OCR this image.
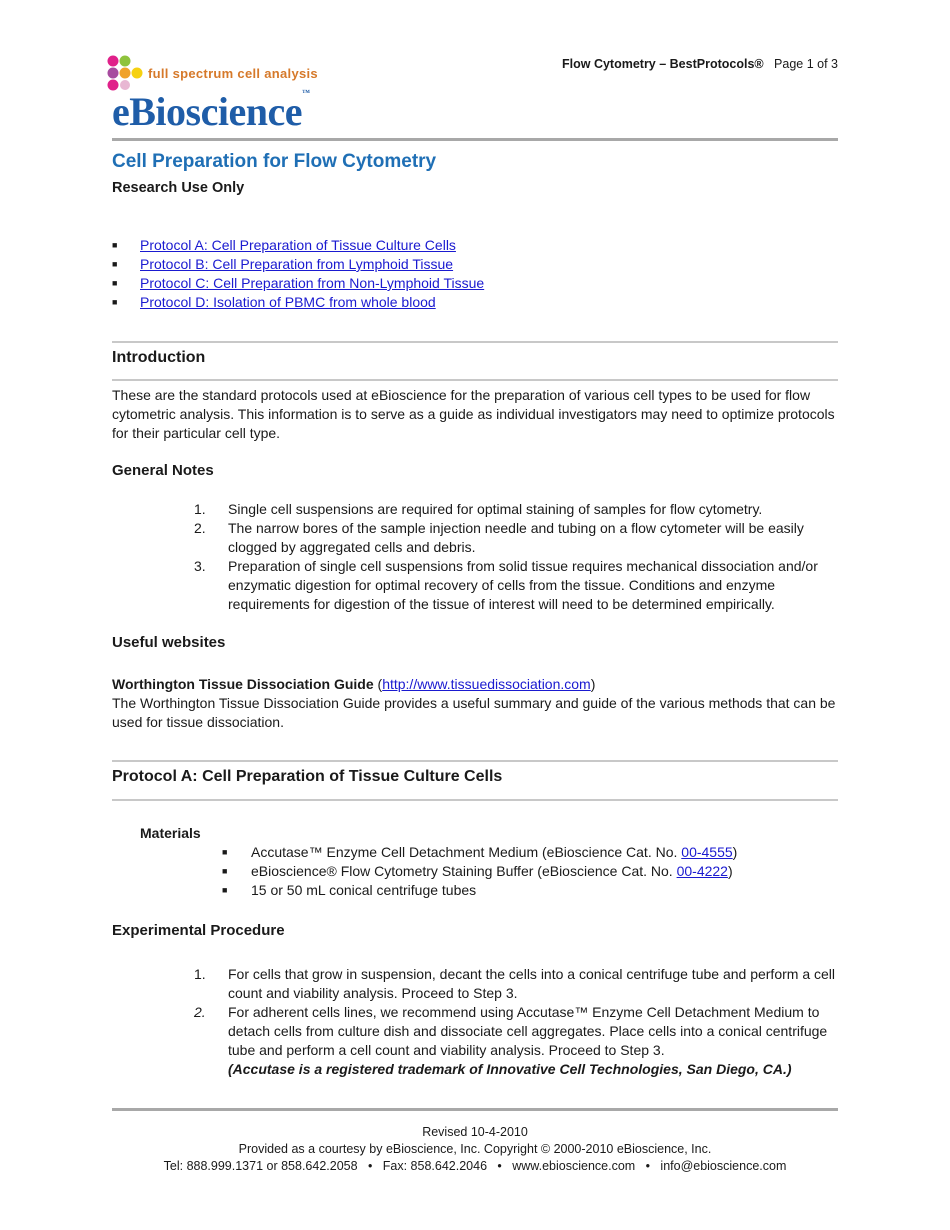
Flow Cytometry – BestProtocols® Page 1 of 3
full spectrum cell analysis
eBioscience™
Cell Preparation for Flow Cytometry
Research Use Only
■	Protocol A: Cell Preparation of Tissue Culture Cells
■	Protocol B: Cell Preparation from Lymphoid Tissue
■	Protocol C: Cell Preparation from Non-Lymphoid Tissue
■	Protocol D: Isolation of PBMC from whole blood
Introduction
These are the standard protocols used at eBioscience for the preparation of various cell types to be used for flow cytometric analysis. This information is to serve as a guide as individual investigators may need to optimize protocols for their particular cell type.
General Notes
1.	Single cell suspensions are required for optimal staining of samples for flow cytometry.
2.	The narrow bores of the sample injection needle and tubing on a flow cytometer will be easily clogged by aggregated cells and debris.
3.	Preparation of single cell suspensions from solid tissue requires mechanical dissociation and/or enzymatic digestion for optimal recovery of cells from the tissue. Conditions and enzyme requirements for digestion of the tissue of interest will need to be determined empirically.
Useful websites
Worthington Tissue Dissociation Guide (http://www.tissuedissociation.com)
The Worthington Tissue Dissociation Guide provides a useful summary and guide of the various methods that can be used for tissue dissociation.
Protocol A: Cell Preparation of Tissue Culture Cells
Materials
■	Accutase™ Enzyme Cell Detachment Medium (eBioscience Cat. No. 00-4555)
■	eBioscience® Flow Cytometry Staining Buffer (eBioscience Cat. No. 00-4222)
■	15 or 50 mL conical centrifuge tubes
Experimental Procedure
1.	For cells that grow in suspension, decant the cells into a conical centrifuge tube and perform a cell count and viability analysis. Proceed to Step 3.
2.	For adherent cells lines, we recommend using Accutase™ Enzyme Cell Detachment Medium to detach cells from culture dish and dissociate cell aggregates. Place cells into a conical centrifuge tube and perform a cell count and viability analysis. Proceed to Step 3.
(Accutase is a registered trademark of Innovative Cell Technologies, San Diego, CA.)
Revised 10-4-2010
Provided as a courtesy by eBioscience, Inc. Copyright © 2000-2010 eBioscience, Inc.
Tel: 888.999.1371 or 858.642.2058   •   Fax: 858.642.2046   •   www.ebioscience.com   •   info@ebioscience.com
